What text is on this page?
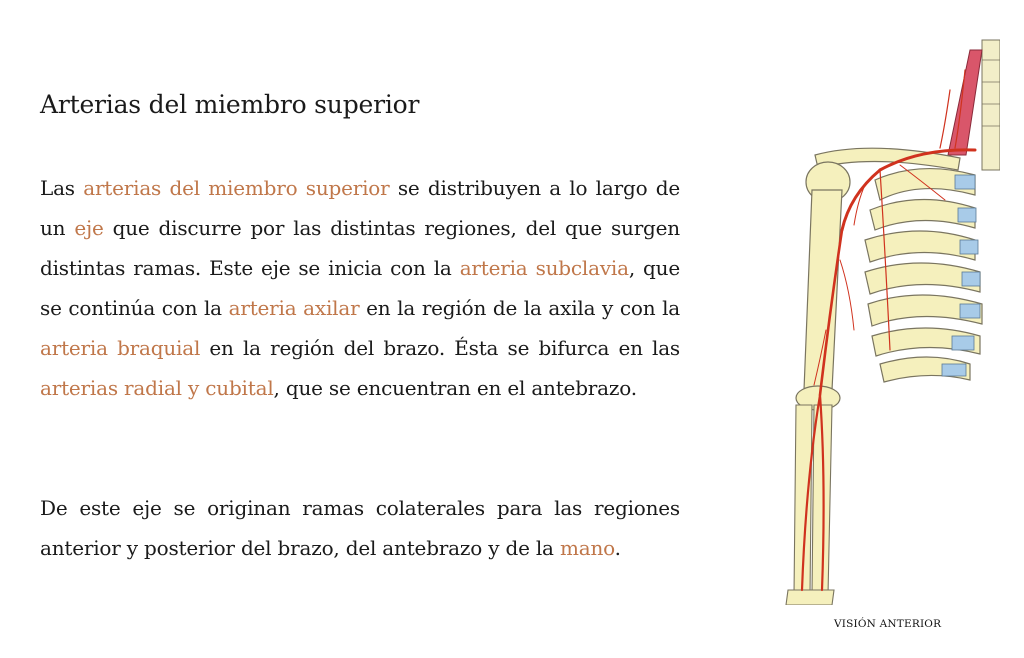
Arterias del miembro superior

Las arterias del miembro superior se distribuyen a lo largo de un eje que discurre por las distintas regiones, del que surgen distintas ramas. Este eje se inicia con la arteria subclavia, que se continúa con la arteria axilar en la región de la axila y con la arteria braquial en la región del brazo. Ésta se bifurca en las arterias radial y cubital, que se encuentran en el antebrazo.

De este eje se originan ramas colaterales para las regiones anterior y posterior del brazo, del antebrazo y de la mano.

VISIÓN ANTERIOR
